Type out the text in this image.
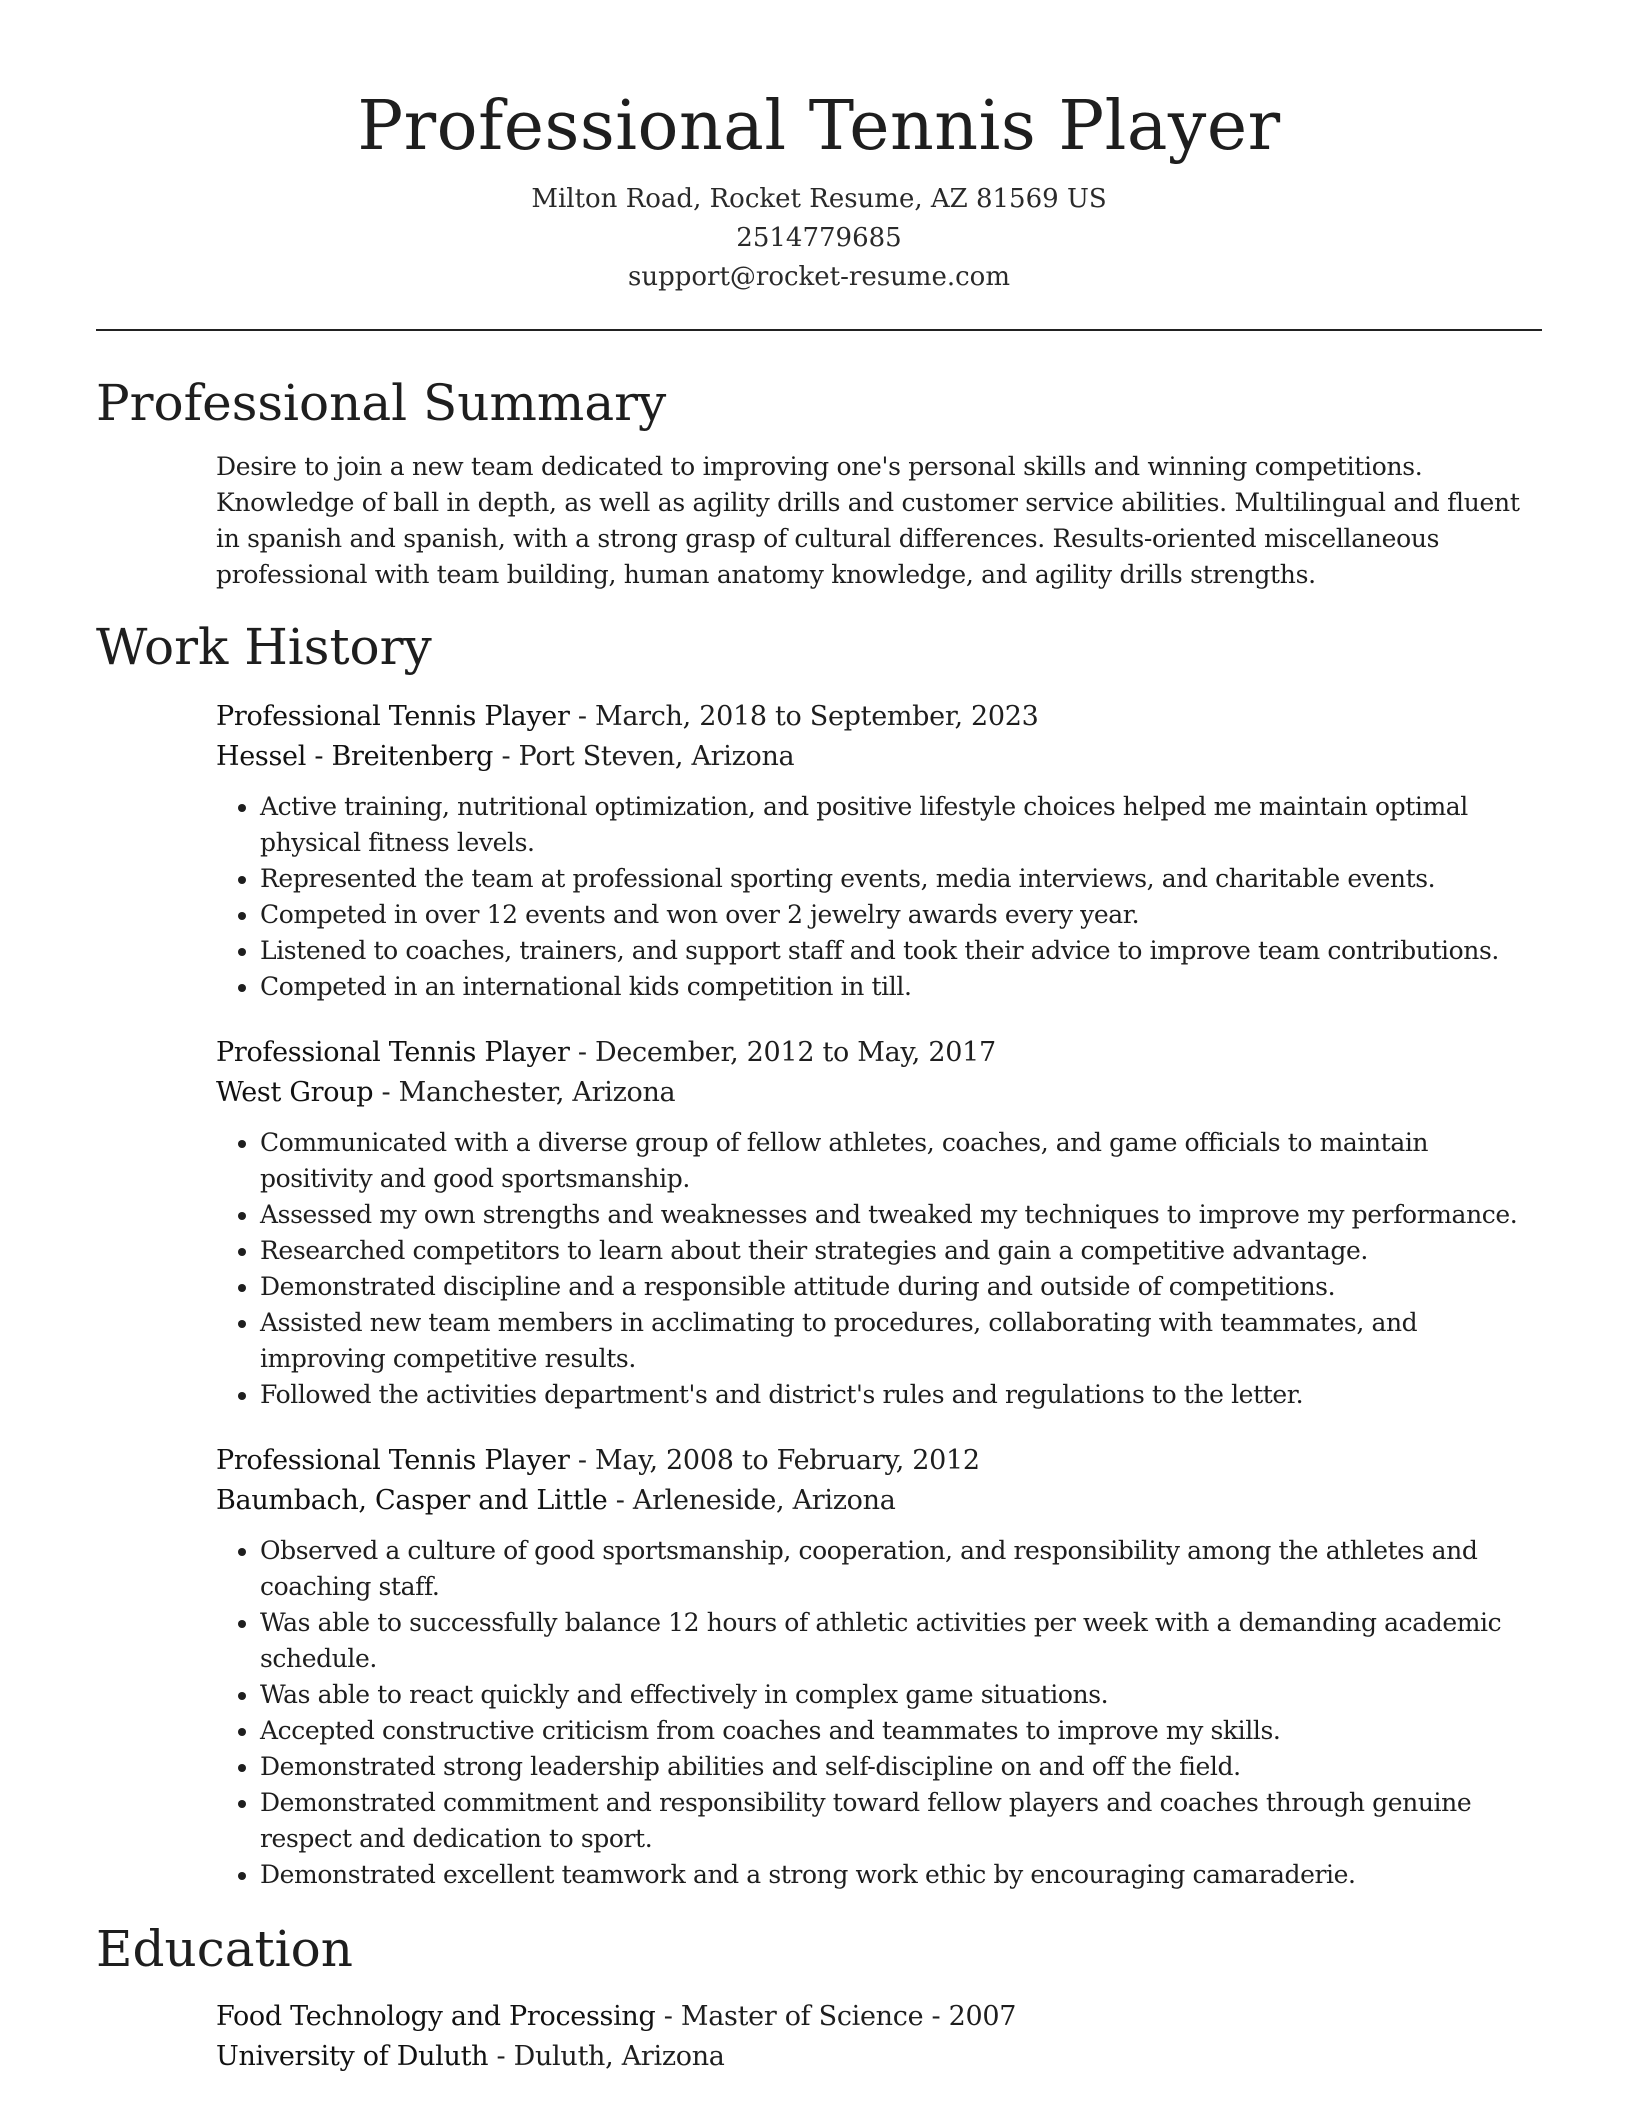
Professional Tennis Player
Milton Road, Rocket Resume, AZ 81569 US
2514779685
support@rocket-resume.com
Professional Summary

Desire to join a new team dedicated to improving one's personal skills and winning competitions. Knowledge of ball in depth, as well as agility drills and customer service abilities. Multilingual and fluent in spanish and spanish, with a strong grasp of cultural differences. Results-oriented miscellaneous professional with team building, human anatomy knowledge, and agility drills strengths.

Work History
Professional Tennis Player - March, 2018 to September, 2023
Hessel - Breitenberg - Port Steven, Arizona
• Active training, nutritional optimization, and positive lifestyle choices helped me maintain optimal physical fitness levels.
• Represented the team at professional sporting events, media interviews, and charitable events.
• Competed in over 12 events and won over 2 jewelry awards every year.
• Listened to coaches, trainers, and support staff and took their advice to improve team contributions.
• Competed in an international kids competition in till.
Professional Tennis Player - December, 2012 to May, 2017
West Group - Manchester, Arizona
• Communicated with a diverse group of fellow athletes, coaches, and game officials to maintain positivity and good sportsmanship.
• Assessed my own strengths and weaknesses and tweaked my techniques to improve my performance.
• Researched competitors to learn about their strategies and gain a competitive advantage.
• Demonstrated discipline and a responsible attitude during and outside of competitions.
• Assisted new team members in acclimating to procedures, collaborating with teammates, and improving competitive results.
• Followed the activities department's and district's rules and regulations to the letter.
Professional Tennis Player - May, 2008 to February, 2012
Baumbach, Casper and Little - Arleneside, Arizona
• Observed a culture of good sportsmanship, cooperation, and responsibility among the athletes and coaching staff.
• Was able to successfully balance 12 hours of athletic activities per week with a demanding academic schedule.
• Was able to react quickly and effectively in complex game situations.
• Accepted constructive criticism from coaches and teammates to improve my skills.
• Demonstrated strong leadership abilities and self-discipline on and off the field.
• Demonstrated commitment and responsibility toward fellow players and coaches through genuine respect and dedication to sport.
• Demonstrated excellent teamwork and a strong work ethic by encouraging camaraderie.
Education
Food Technology and Processing - Master of Science - 2007
University of Duluth - Duluth, Arizona
